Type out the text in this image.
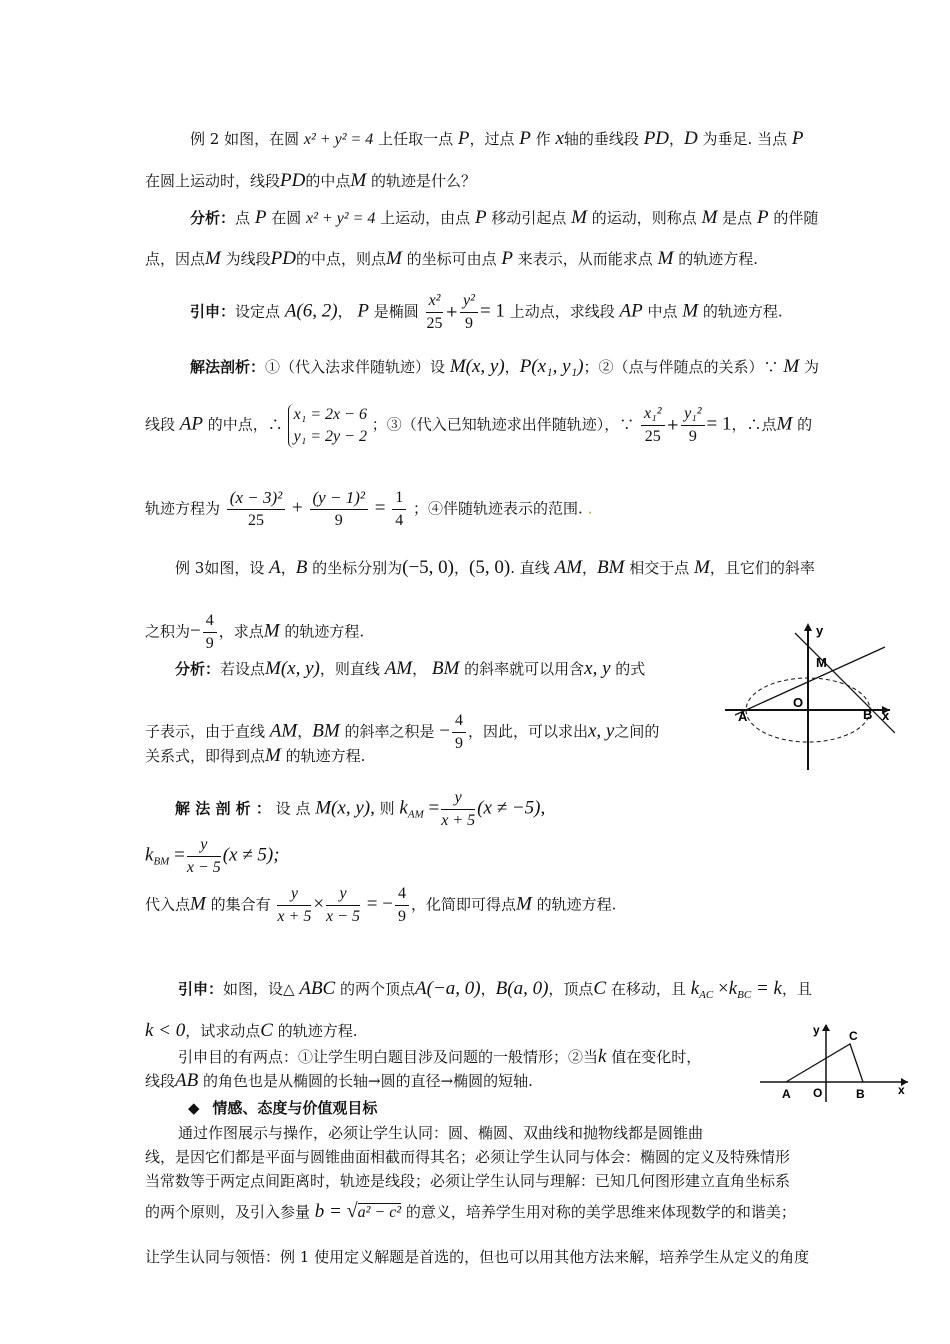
例 2 如图，在圆 x² + y² = 4 上任取一点 P，过点 P 作 x轴的垂线段 PD，D 为垂足. 当点 P
在圆上运动时，线段PD的中点M 的轨迹是什么？
分析：点 P 在圆 x² + y² = 4 上运动，由点 P 移动引起点 M 的运动，则称点 M 是点 P 的伴随
点，因点M 为线段PD的中点，则点M 的坐标可由点 P 来表示，从而能求点 M 的轨迹方程.
引申：设定点 A(6, 2)， P 是椭圆 $\frac{\text{x²}}{25} + \frac{\text{y²}}{9} = 1$ 上动点，求线段 AP 中点 M 的轨迹方程.
解法剖析：①（代入法求伴随轨迹）设 M(x, y)，P(x₁, y₁)；②（点与伴随点的关系）∵ M 为
线段 AP 的中点，∴
x₁ = 2x − 6
y₁ = 2y − 2
；③（代入已知轨迹求出伴随轨迹），∵ $\frac{\text{x₁²}}{25} + \frac{\text{y₁²}}{9} = 1$，∴点M 的
轨迹方程为 $\frac{\text{(x − 3)²}}{25} + \frac{\text{(y − 1)²}}{9} = \frac{1}{4}$ ；④伴随轨迹表示的范围. .
例 3如图，设 A，B 的坐标分别为(−5, 0)，(5, 0). 直线 AM，BM 相交于点 M，且它们的斜率
之积为− $\frac{4}{9}$ ，求点M 的轨迹方程.
分析：若设点M(x, y)，则直线 AM， BM 的斜率就可以用含x, y 的式
子表示，由于直线 AM，BM 的斜率之积是 − $\frac{4}{9}$ ，因此，可以求出x, y之间的
关系式，即得到点M 的轨迹方程.
y
M
O
A	B x
解 法 剖 析 ： 设 点 M(x, y), 则 $k_{AM} = \frac{y}{x + 5} (x \ne -5)$,
$k_{BM} = \frac{y}{x - 5} (x \ne 5)$;
代入点M 的集合有 $\frac{y}{x + 5} \times \frac{y}{x - 5}$ = − $\frac{4}{9}$ ，化简即可得点M 的轨迹方程.
引申：如图，设△ ABC 的两个顶点A(−a, 0)，B(a, 0)，顶点C 在移动，且 $k_{AC} \times k_{BC} = k$，且
k < 0，试求动点C 的轨迹方程.
引申目的有两点：①让学生明白题目涉及问题的一般情形；②当k 值在变化时，
线段AB 的角色也是从椭圆的长轴→圆的直径→椭圆的短轴.
y C
O
A	B	x
◆ 情感、态度与价值观目标
通过作图展示与操作，必须让学生认同：圆、椭圆、双曲线和抛物线都是圆锥曲
线，是因它们都是平面与圆锥曲面相截而得其名；必须让学生认同与体会：椭圆的定义及特殊情形
当常数等于两定点间距离时，轨迹是线段；必须让学生认同与理解：已知几何图形建立直角坐标系
的两个原则，及引入参量 b = √a² − c² 的意义，培养学生用对称的美学思维来体现数学的和谐美；
让学生认同与领悟：例 1 使用定义解题是首选的，但也可以用其他方法来解，培养学生从定义的角度
